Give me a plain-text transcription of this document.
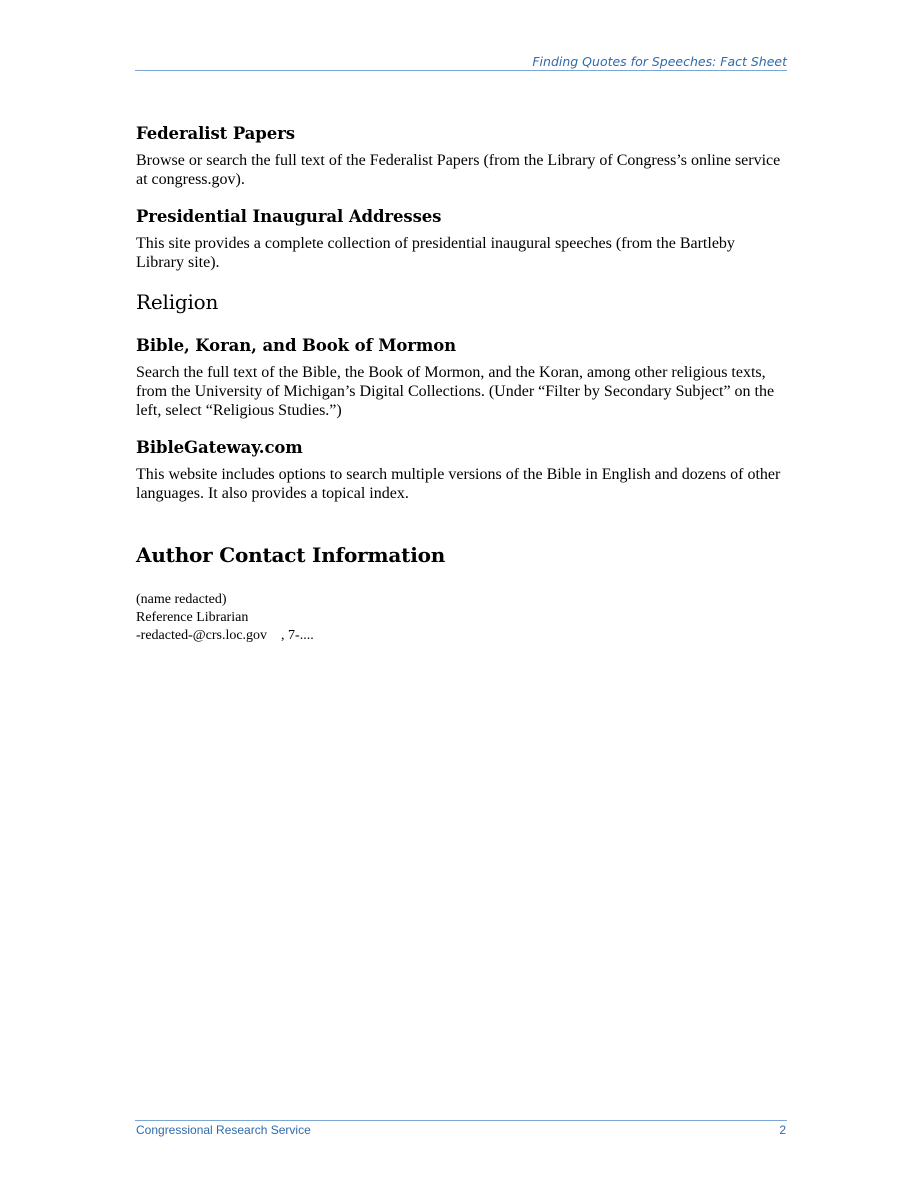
Finding Quotes for Speeches: Fact Sheet
Federalist Papers

Browse or search the full text of the Federalist Papers (from the Library of Congress’s online service at congress.gov).

Presidential Inaugural Addresses

This site provides a complete collection of presidential inaugural speeches (from the Bartleby Library site).

Religion
Bible, Koran, and Book of Mormon

Search the full text of the Bible, the Book of Mormon, and the Koran, among other religious texts, from the University of Michigan’s Digital Collections. (Under “Filter by Secondary Subject” on the left, select “Religious Studies.”)

BibleGateway.com

This website includes options to search multiple versions of the Bible in English and dozens of other languages. It also provides a topical index.

Author Contact Information
(name redacted)
Reference Librarian
-redacted-@crs.loc.gov    , 7-....
Congressional Research Service	2
